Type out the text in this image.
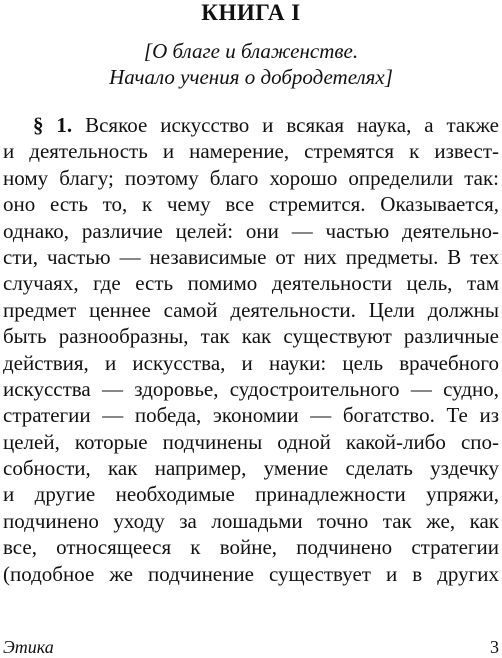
КНИГА I
[О благе и блаженстве.
Начало учения о добродетелях]
§ 1. Всякое искусство и всякая наука, а также
и деятельность и намерение, стремятся к извест-
ному благу; поэтому благо хорошо определили так:
оно есть то, к чему все стремится. Оказывается,
однако, различие целей: они — частью деятельно-
сти, частью — независимые от них предметы. В тех
случаях, где есть помимо деятельности цель, там
предмет ценнее самой деятельности. Цели должны
быть разнообразны, так как существуют различные
действия, и искусства, и науки: цель врачебного
искусства — здоровье, судостроительного — судно,
стратегии — победа, экономии — богатство. Те из
целей, которые подчинены одной какой-либо спо-
собности, как например, умение сделать уздечку
и другие необходимые принадлежности упряжи,
подчинено уходу за лошадьми точно так же, как
все, относящееся к войне, подчинено стратегии
(подобное же подчинение существует и в других
Этика	3
